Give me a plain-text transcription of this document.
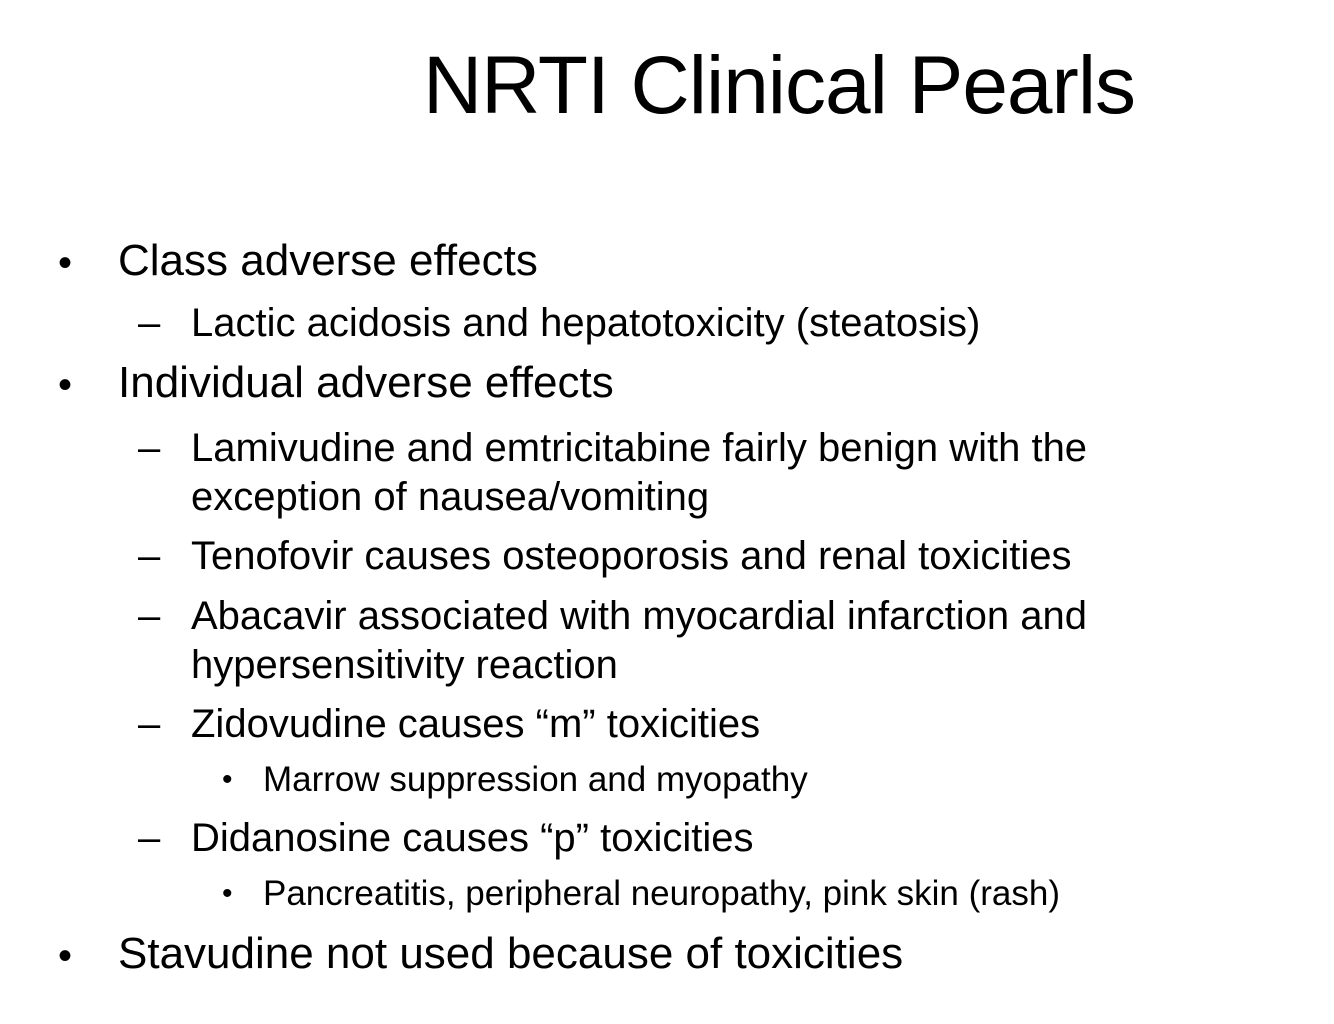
NRTI Clinical Pearls
• Class adverse effects
– Lactic acidosis and hepatotoxicity (steatosis)
• Individual adverse effects
– Lamivudine and emtricitabine fairly benign with the
exception of nausea/vomiting
– Tenofovir causes osteoporosis and renal toxicities
– Abacavir associated with myocardial infarction and
hypersensitivity reaction
– Zidovudine causes “m” toxicities
• Marrow suppression and myopathy
– Didanosine causes “p” toxicities
• Pancreatitis, peripheral neuropathy, pink skin (rash)
• Stavudine not used because of toxicities
